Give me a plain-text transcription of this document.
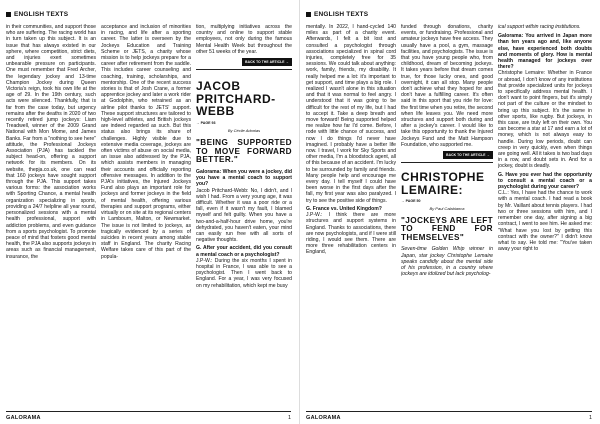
ENGLISH TEXTS

in their communities, and support those who are suffering. The racing world has in turn taken up this subject. It is an issue that has always existed in our sphere, where competition, strict diets, and injuries exert sometimes unbearable pressure on participants. One must remember that Fred Archer, the legendary jockey and 13-time Champion Jockey during Queen Victoria's reign, took his own life at the age of 29. In the 19th century, such acts were silenced. Thankfully, that is far from the case today, but urgency remains after the deaths in 2020 of two recently retired jump jockeys: Liam Treadwell, winner of the 2009 Grand National with Mon Mome, and James Banks. Far from a "nothing to see here" attitude, the Professional Jockeys Association (PJA) has tackled the subject head-on, offering a support network for its members. On its website, thepja.co.uk, one can read that 160 jockeys have sought support through the PJA. This support takes various forms: the association works with Sporting Chance, a mental health organization specializing in sports, providing a 24/7 helpline all year round, personalized sessions with a mental health professional, support with addiction problems, and even guidance from a sports psychologist. To promote peace of mind that fosters good mental health, the PJA also supports jockeys in areas such as financial management, insurance, the

acceptance and inclusion of minorities in racing, and life after a sporting career. The latter is overseen by the Jockeys Education and Training Scheme or JETS, a charity whose mission is to help jockeys prepare for a career after retirement from the saddle. This includes career counseling and coaching, training, scholarships, and mentorship. One of the recent success stories is that of Josh Crane, a former apprentice jockey and later a work rider at Godolphin, who retrained as an airline pilot thanks to JETS' support. These support structures are tailored to high-level athletes, and British jockeys are indeed regarded as such. But this status also brings its share of challenges. Highly visible due to extensive media coverage, jockeys are often victims of abuse on social media, an issue also addressed by the PJA, which assists members in managing their accounts and officially reporting offensive messages. In addition to the PJA's initiatives, the Injured Jockeys Fund also plays an important role for jockeys and former jockeys in the field of mental health, offering various therapies and support programs, either virtually or on site at its regional centers in Lambourn, Malton, or Newmarket. The issue is not limited to jockeys, as tragically evidenced by a series of suicides in recent years among stable staff in England. The charity Racing Welfare takes care of this part of the popula-

tion, multiplying initiatives across the country and online to support stable employees, not only during the famous Mental Health Week but throughout the other 51 weeks of the year.

BACK TO THE ARTICLE →
JACOB PRITCHARD-WEBB
→ PAGE 93
By Cécile Adonias
"BEING SUPPORTED TO MOVE FORWARD BETTER."

Galorama: When you were a jockey, did you have a mental coach to support you?

Jacob Pritchard-Webb: No, I didn't, and I wish I had. From a very young age, it was difficult. Whether it was a poor ride or a fall, even if it wasn't my fault, I blamed myself and felt guilty. When you have a two-and-a-half-hour drive home, you're dehydrated, you haven't eaten, your mind can easily run free with all sorts of negative thoughts.

G. After your accident, did you consult a mental coach or a psychologist?

J.P-W.: During the six months I spent in hospital in France, I was able to see a psychologist. Then I went back to England. For a year, I was very focused on my rehabilitation, which kept me busy

GALORAMA	1
ENGLISH TEXTS

mentally. In 2022, I hand-cycled 140 miles as part of a charity event. Afterwards, I felt a bit lost and consulted a psychologist through associations specialized in spinal cord injuries, completely free for 35 sessions. We could talk about anything: work, family, friends, my disability. It really helped me a lot: it's important to get support, and time plays a big role. I realized I wasn't alone in this situation and that it was normal to feel angry. I understood that it was going to be difficult for the rest of my life, but I had to accept it. Take a deep breath and move forward! Being supported helped me realize how far I'd come. Before, I rode with little chance of success, and now I do things I'd never have imagined. I probably have a better life now. I travel, I work for Sky Sports and other media, I'm a bloodstock agent, all of this because of an accident. I'm lucky to be surrounded by family and friends. Many people help and encourage me every day. I tell myself I could have been worse in the first days after the fall, my first year was also paralyzed. I try to see the positive side of things.

G. France vs. United Kingdom?

J.P-W.: I think there are more structures and support systems in England. Thanks to associations, there are now psychologists, and if I were still riding, I would see them. There are more three rehabilitation centers in England,

funded through donations, charity events, or fundraising. Professional and amateur jockeys have free access. They usually have a pool, a gym, massage facilities, and psychologists. The issue is that you have young people who, from childhood, dream of becoming jockeys. It takes years before that dream comes true, for those lucky ones, and good overnight, it can all stop. Many people don't achieve what they hoped for and don't have a fulfilling career. It's often said in this sport that you ride for love: the first time when you retire, the second when life leaves you. We need more structures and support both during and after a jockey's career. I would like to take this opportunity to thank the Injured Jockeys Fund and the Matt Hampson Foundation, who supported me.

BACK TO THE ARTICLE →
CHRISTOPHE LEMAIRE:
→ PAGE 50
By Paul Calabianca
"JOCKEYS ARE LEFT TO FEND FOR THEMSELVES"

Seven-time Golden Whip winner in Japan, star jockey Christophe Lemaire speaks candidly about the mental side of his profession, in a country where jockeys are idolized but lack psycholog-

ical support within racing institutions.

Galorama: You arrived in Japan more than ten years ago and, like anyone else, have experienced both doubts and moments of glory. How is mental health managed for jockeys over there?

Christophe Lemaire: Whether in France or abroad, I don't know of any institutions that provide specialized units for jockeys to specifically address mental health. I don't want to point fingers, but it's simply not part of the culture or the mindset to bring up this subject. It's the same in other sports, like rugby. But jockeys, in this case, are truly left on their own. You can become a star at 17 and earn a lot of money, which is not always easy to handle. During low periods, doubt can creep in very quickly, even when things are going well. All it takes is two bad days in a row, and doubt sets in. And for a jockey, doubt is deadly.

G. Have you ever had the opportunity to consult a mental coach or a psychologist during your career?

C.L.: Yes, I have had the chance to work with a mental coach. I had read a book by Mr. Vaillant about tennis players. I had two or three sessions with him, and I remember one day, after signing a big contract, I went to see him. He asked me: "What have you lost by getting this contract with the owner?" I didn't know what to say. He told me: "You've taken away your right to

GALORAMA	1
